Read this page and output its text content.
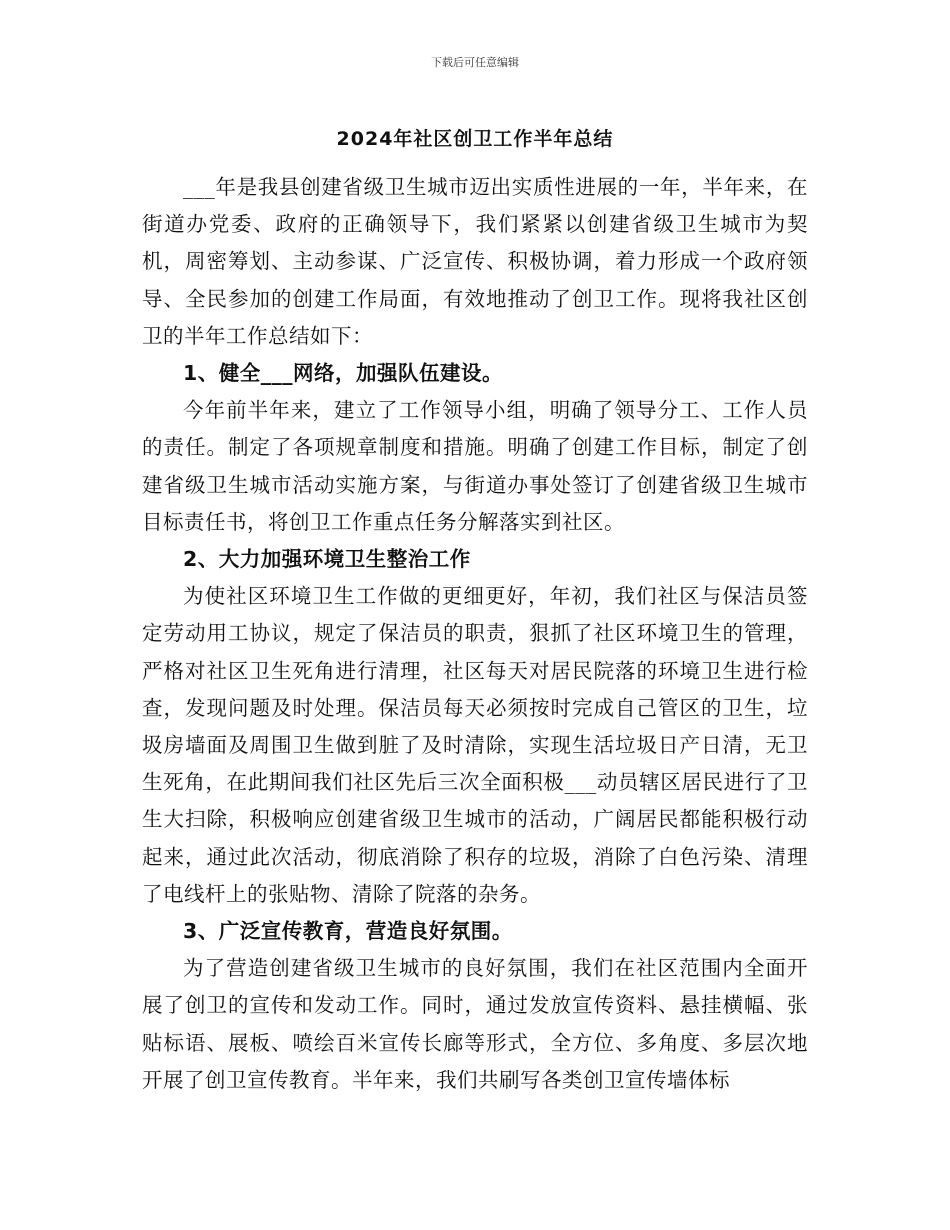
下载后可任意编辑
2024年社区创卫工作半年总结

___年是我县创建省级卫生城市迈出实质性进展的一年，半年来，在街道办党委、政府的正确领导下，我们紧紧以创建省级卫生城市为契机，周密筹划、主动参谋、广泛宣传、积极协调，着力形成一个政府领导、全民参加的创建工作局面，有效地推动了创卫工作。现将我社区创卫的半年工作总结如下：

1、健全___网络，加强队伍建设。

今年前半年来，建立了工作领导小组，明确了领导分工、工作人员的责任。制定了各项规章制度和措施。明确了创建工作目标，制定了创建省级卫生城市活动实施方案，与街道办事处签订了创建省级卫生城市目标责任书，将创卫工作重点任务分解落实到社区。

2、大力加强环境卫生整治工作

为使社区环境卫生工作做的更细更好，年初，我们社区与保洁员签定劳动用工协议，规定了保洁员的职责，狠抓了社区环境卫生的管理，严格对社区卫生死角进行清理，社区每天对居民院落的环境卫生进行检查，发现问题及时处理。保洁员每天必须按时完成自己管区的卫生，垃圾房墙面及周围卫生做到脏了及时清除，实现生活垃圾日产日清，无卫生死角，在此期间我们社区先后三次全面积极___动员辖区居民进行了卫生大扫除，积极响应创建省级卫生城市的活动，广阔居民都能积极行动起来，通过此次活动，彻底消除了积存的垃圾，消除了白色污染、清理了电线杆上的张贴物、清除了院落的杂务。

3、广泛宣传教育，营造良好氛围。

为了营造创建省级卫生城市的良好氛围，我们在社区范围内全面开展了创卫的宣传和发动工作。同时，通过发放宣传资料、悬挂横幅、张贴标语、展板、喷绘百米宣传长廊等形式，全方位、多角度、多层次地开展了创卫宣传教育。半年来，我们共刷写各类创卫宣传墙体标
